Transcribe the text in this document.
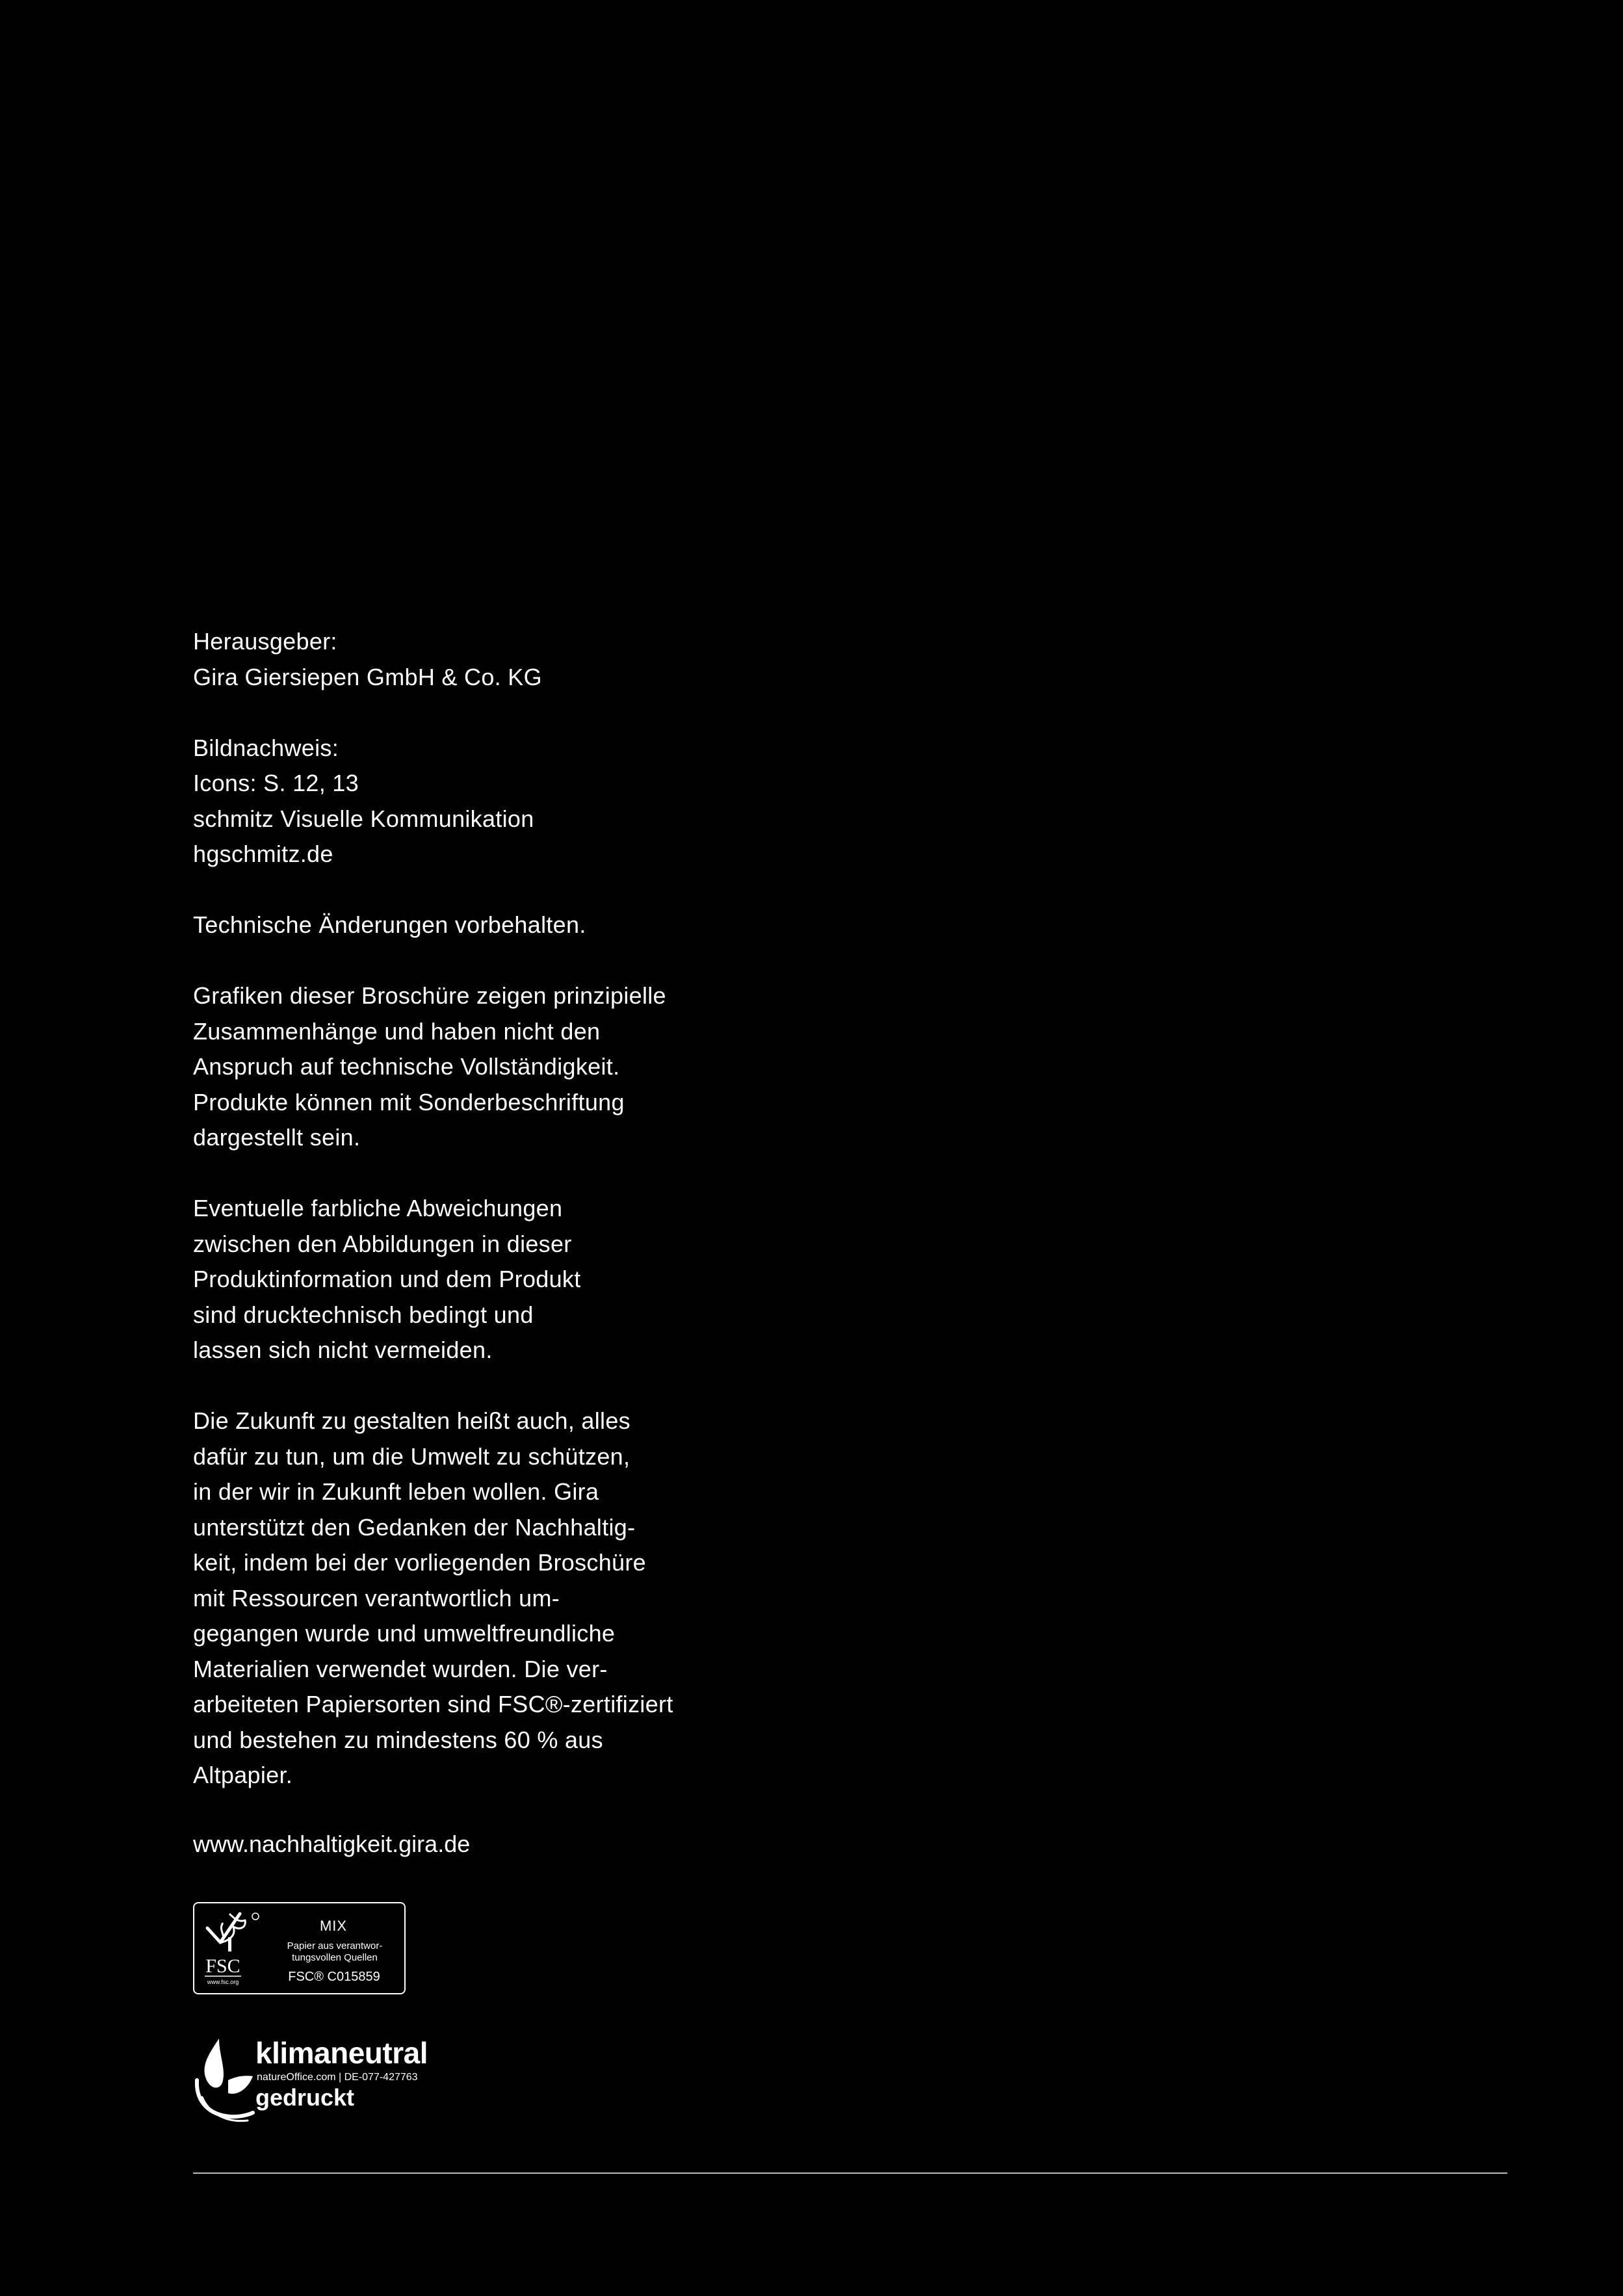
Herausgeber:
Gira Giersiepen GmbH & Co. KG

Bildnachweis:
Icons: S. 12, 13
schmitz Visuelle Kommunikation
hgschmitz.de

Technische Änderungen vorbehalten.

Grafiken dieser Broschüre zeigen prinzipielle
Zusammenhänge und haben nicht den
Anspruch auf technische Vollständigkeit.
Produkte können mit Sonderbeschriftung
dargestellt sein.

Eventuelle farbliche Abweichungen
zwischen den Abbildungen in dieser
Produktinformation und dem Produkt
sind drucktechnisch bedingt und
lassen sich nicht vermeiden.

Die Zukunft zu gestalten heißt auch, alles
dafür zu tun, um die Umwelt zu schützen,
in der wir in Zukunft leben wollen. Gira
unterstützt den Gedanken der Nachhaltig-
keit, indem bei der vorliegenden Broschüre
mit Ressourcen verantwortlich um-
gegangen wurde und umweltfreundliche
Materialien verwendet wurden. Die ver-
arbeiteten Papiersorten sind FSC®-zertifiziert
und bestehen zu mindestens 60 % aus
Altpapier.

www.nachhaltigkeit.gira.de
FSC
www.fsc.org
MIX
Papier aus verantwor-
tungsvollen Quellen
FSC® C015859
klimaneutral
natureOffice.com | DE-077-427763
gedruckt
